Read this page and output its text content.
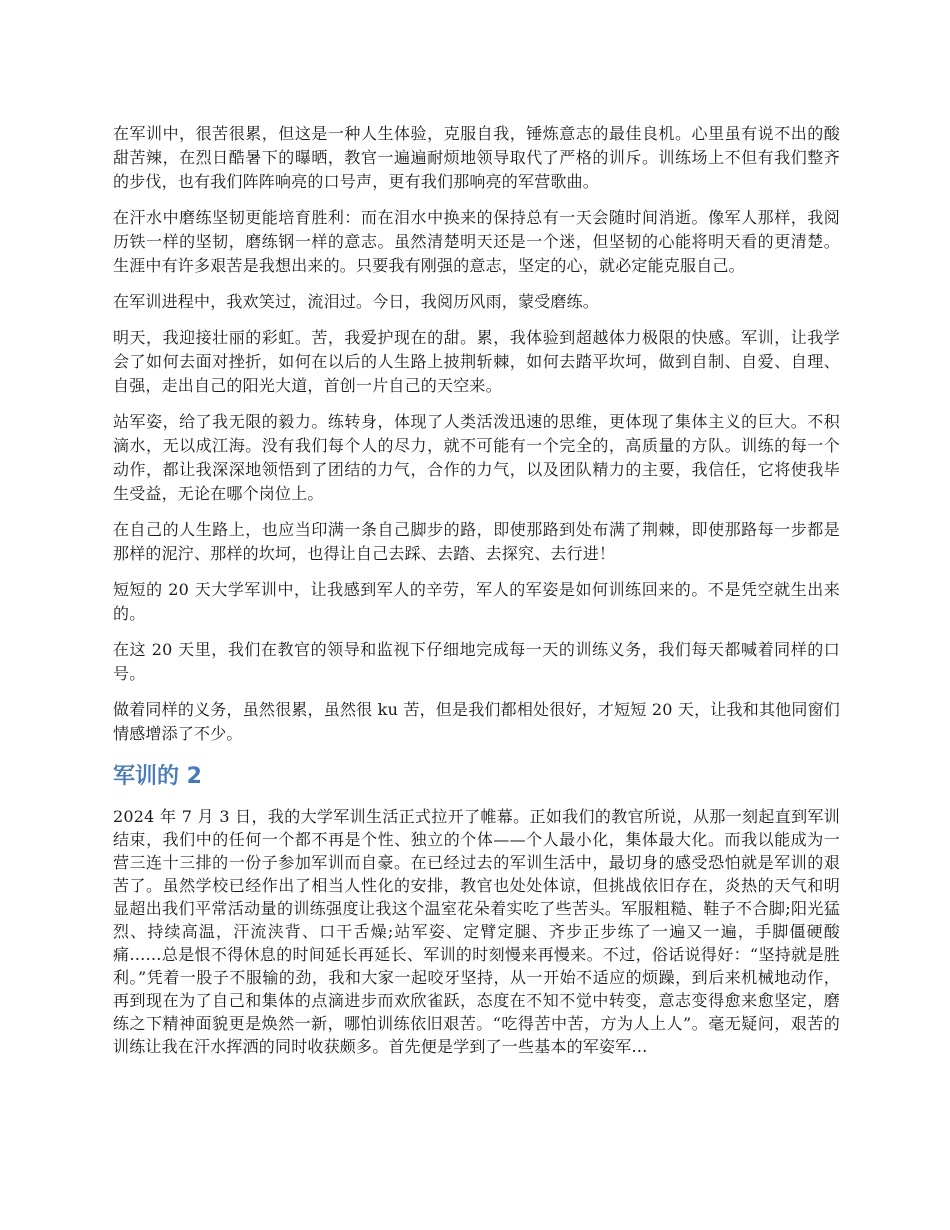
在军训中，很苦很累，但这是一种人生体验，克服自我，锤炼意志的最佳良机。心里虽有说不出的酸甜苦辣，在烈日酷暑下的曝晒，教官一遍遍耐烦地领导取代了严格的训斥。训练场上不但有我们整齐的步伐，也有我们阵阵响亮的口号声，更有我们那响亮的军营歌曲。

在汗水中磨练坚韧更能培育胜利：而在泪水中换来的保持总有一天会随时间消逝。像军人那样，我阅历铁一样的坚韧，磨练钢一样的意志。虽然清楚明天还是一个迷，但坚韧的心能将明天看的更清楚。生涯中有许多艰苦是我想出来的。只要我有刚强的意志，坚定的心，就必定能克服自己。

在军训进程中，我欢笑过，流泪过。今日，我阅历风雨，蒙受磨练。

明天，我迎接壮丽的彩虹。苦，我爱护现在的甜。累，我体验到超越体力极限的快感。军训，让我学会了如何去面对挫折，如何在以后的人生路上披荆斩棘，如何去踏平坎坷，做到自制、自爱、自理、自强，走出自己的阳光大道，首创一片自己的天空来。

站军姿，给了我无限的毅力。练转身，体现了人类活泼迅速的思维，更体现了集体主义的巨大。不积滴水，无以成江海。没有我们每个人的尽力，就不可能有一个完全的，高质量的方队。训练的每一个动作，都让我深深地领悟到了团结的力气，合作的力气，以及团队精力的主要，我信任，它将使我毕生受益，无论在哪个岗位上。

在自己的人生路上，也应当印满一条自己脚步的路，即使那路到处布满了荆棘，即使那路每一步都是那样的泥泞、那样的坎坷，也得让自己去踩、去踏、去探究、去行进！

短短的 20 天大学军训中，让我感到军人的辛劳，军人的军姿是如何训练回来的。不是凭空就生出来的。

在这 20 天里，我们在教官的领导和监视下仔细地完成每一天的训练义务，我们每天都喊着同样的口号。

做着同样的义务，虽然很累，虽然很 ku 苦，但是我们都相处很好，才短短 20 天，让我和其他同窗们情感增添了不少。

军训的 2

2024 年 7 月 3 日，我的大学军训生活正式拉开了帷幕。正如我们的教官所说，从那一刻起直到军训结束，我们中的任何一个都不再是个性、独立的个体——个人最小化，集体最大化。而我以能成为一营三连十三排的一份子参加军训而自豪。在已经过去的军训生活中，最切身的感受恐怕就是军训的艰苦了。虽然学校已经作出了相当人性化的安排，教官也处处体谅，但挑战依旧存在，炎热的天气和明显超出我们平常活动量的训练强度让我这个温室花朵着实吃了些苦头。军服粗糙、鞋子不合脚;阳光猛烈、持续高温，汗流浃背、口干舌燥;站军姿、定臂定腿、齐步正步练了一遍又一遍，手脚僵硬酸痛……总是恨不得休息的时间延长再延长、军训的时刻慢来再慢来。不过，俗话说得好：“坚持就是胜利。”凭着一股子不服输的劲，我和大家一起咬牙坚持，从一开始不适应的烦躁，到后来机械地动作，再到现在为了自己和集体的点滴进步而欢欣雀跃，态度在不知不觉中转变，意志变得愈来愈坚定，磨练之下精神面貌更是焕然一新，哪怕训练依旧艰苦。“吃得苦中苦，方为人上人”。毫无疑问，艰苦的训练让我在汗水挥洒的同时收获颇多。首先便是学到了一些基本的军姿军…
